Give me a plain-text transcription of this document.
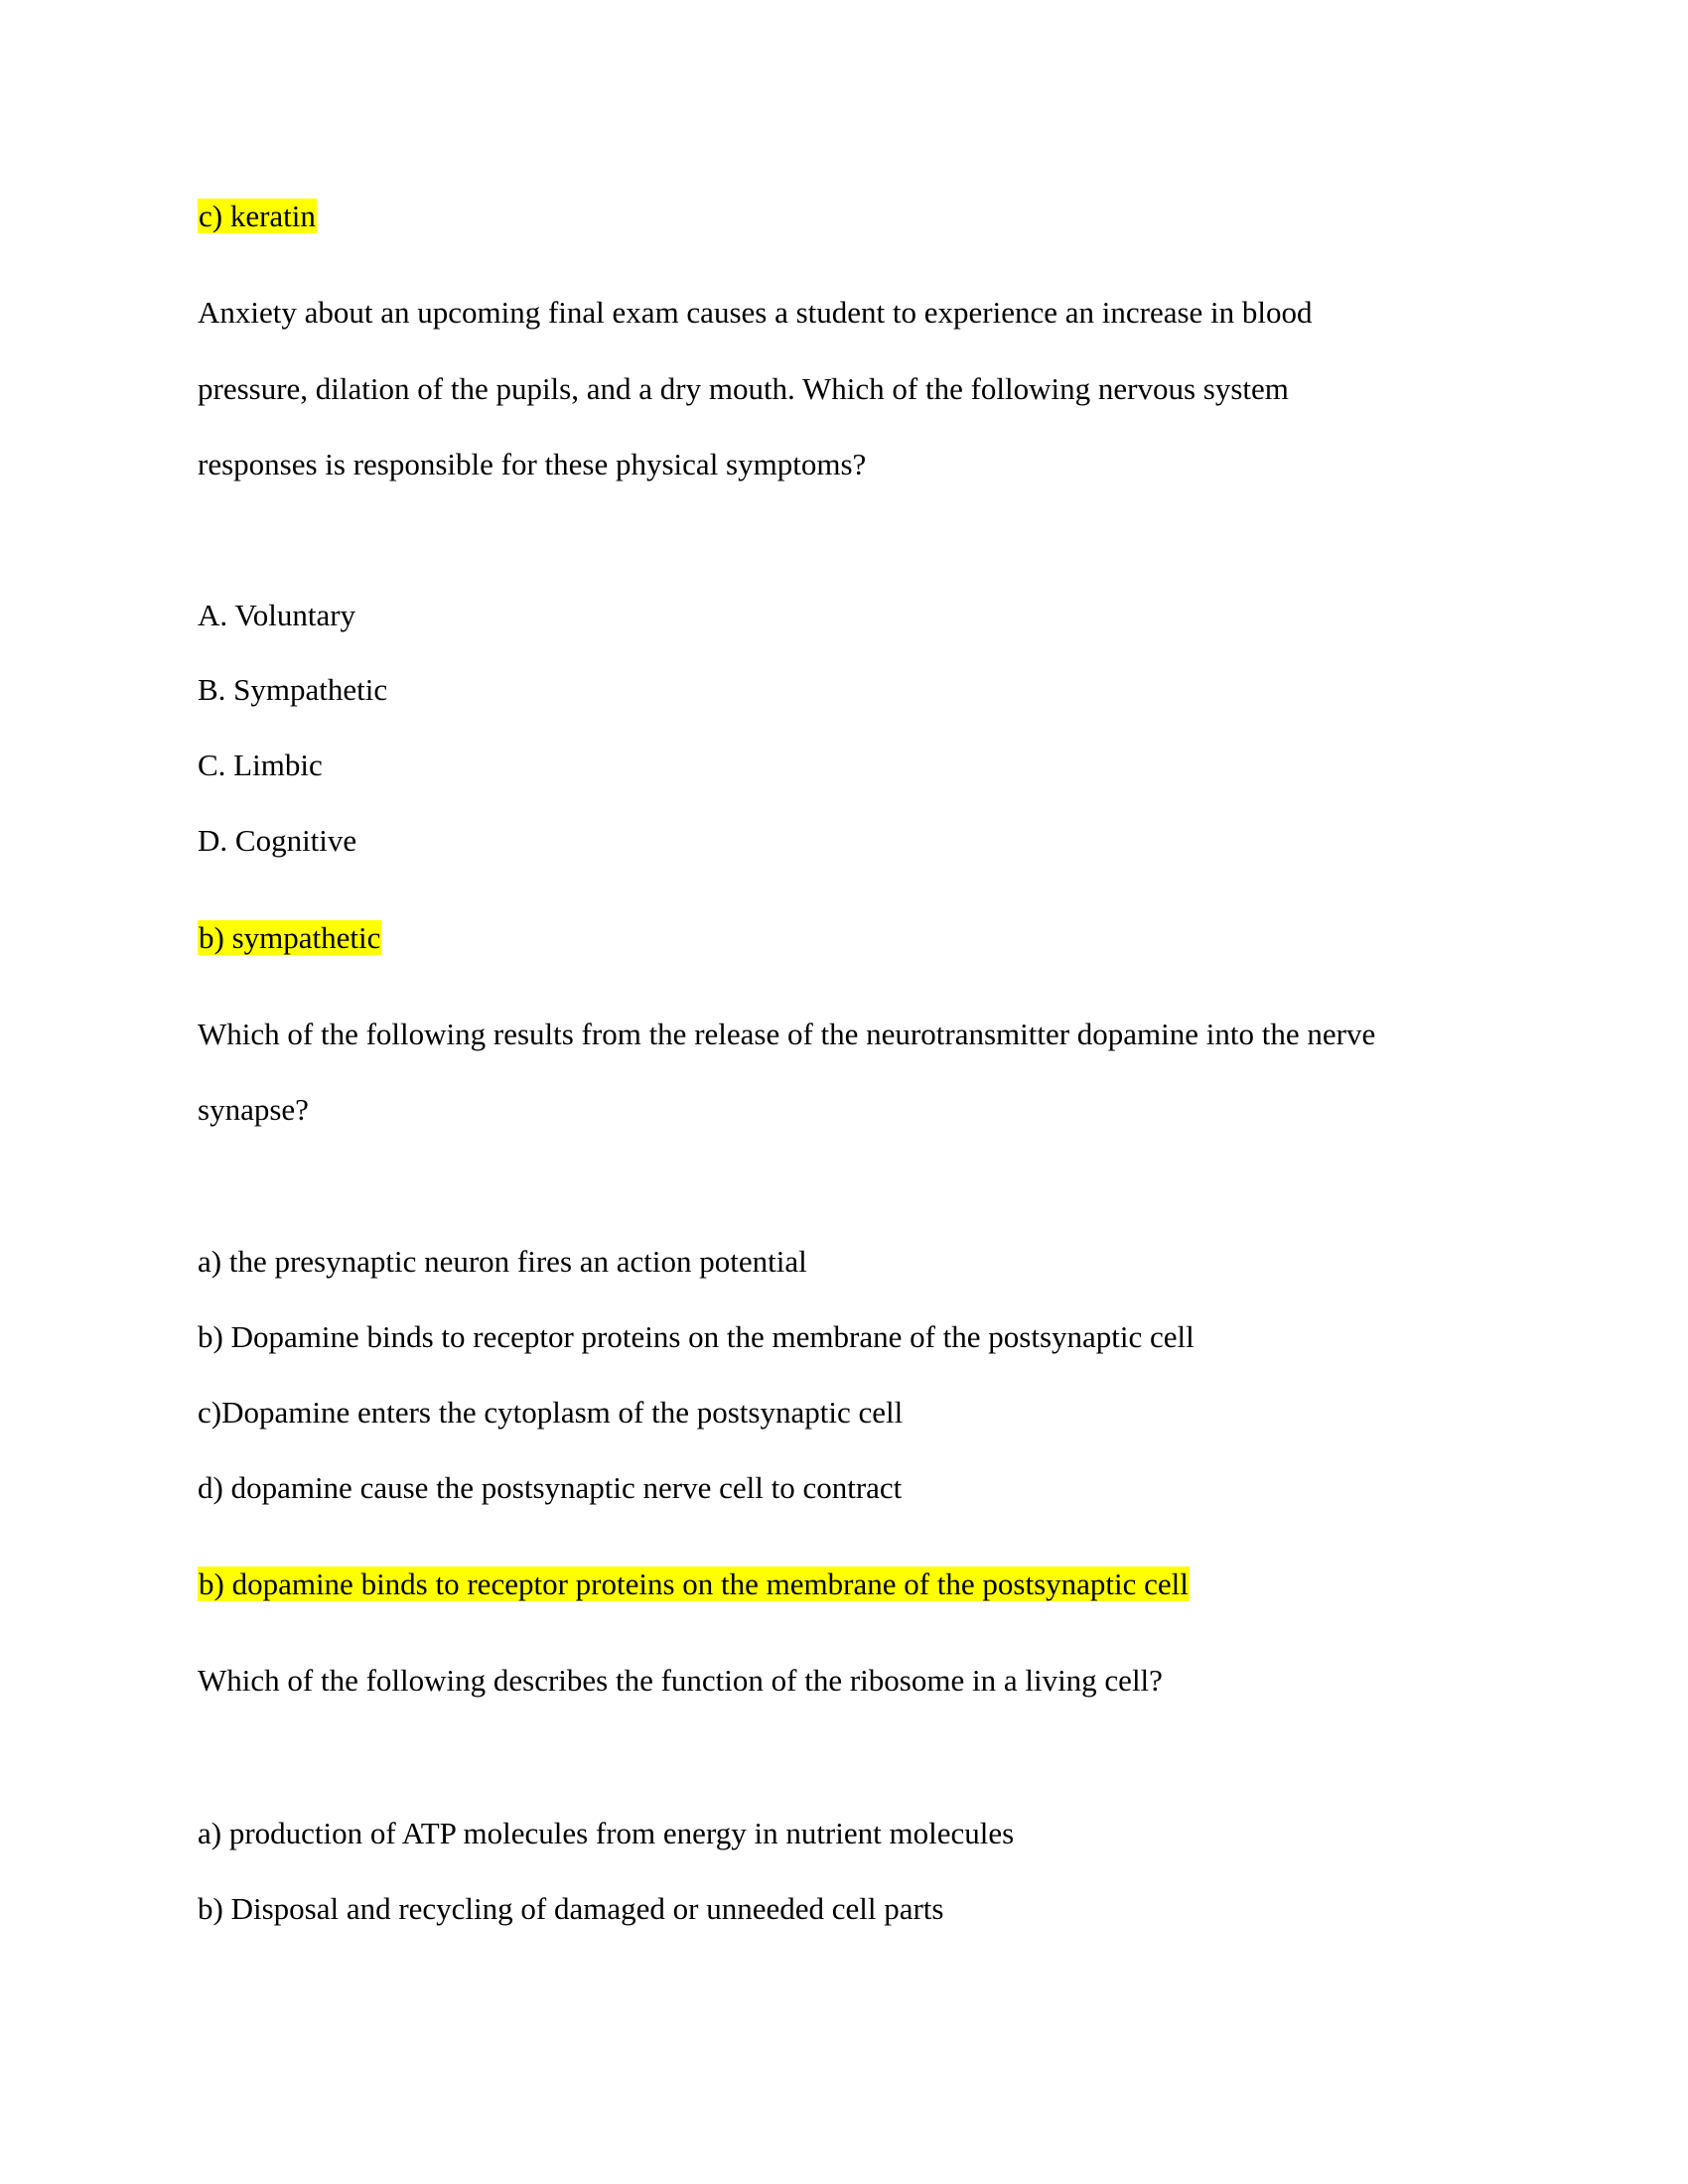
c) keratin
Anxiety about an upcoming final exam causes a student to experience an increase in blood
pressure, dilation of the pupils, and a dry mouth. Which of the following nervous system
responses is responsible for these physical symptoms?
A. Voluntary
B. Sympathetic
C. Limbic
D. Cognitive
b) sympathetic
Which of the following results from the release of the neurotransmitter dopamine into the nerve
synapse?
a) the presynaptic neuron fires an action potential
b) Dopamine binds to receptor proteins on the membrane of the postsynaptic cell
c)Dopamine enters the cytoplasm of the postsynaptic cell
d) dopamine cause the postsynaptic nerve cell to contract
b) dopamine binds to receptor proteins on the membrane of the postsynaptic cell
Which of the following describes the function of the ribosome in a living cell?
a) production of ATP molecules from energy in nutrient molecules
b) Disposal and recycling of damaged or unneeded cell parts
